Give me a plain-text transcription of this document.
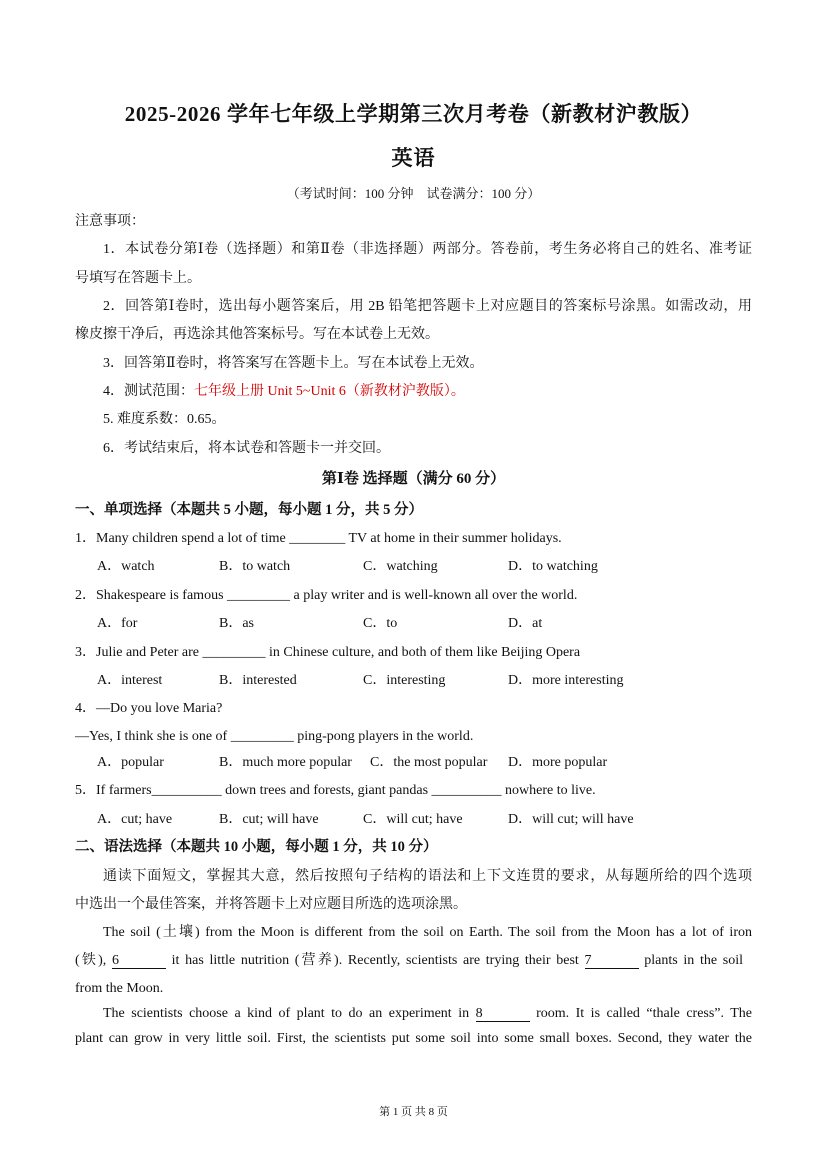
2025-2026 学年七年级上学期第三次月考卷（新教材沪教版）
英语
（考试时间：100 分钟　试卷满分：100 分）
注意事项：
1．本试卷分第Ⅰ卷（选择题）和第Ⅱ卷（非选择题）两部分。答卷前，考生务必将自己的姓名、准考证
号填写在答题卡上。
2．回答第Ⅰ卷时，选出每小题答案后，用 2B 铅笔把答题卡上对应题目的答案标号涂黑。如需改动，用
橡皮擦干净后，再选涂其他答案标号。写在本试卷上无效。
3．回答第Ⅱ卷时，将答案写在答题卡上。写在本试卷上无效。
4．测试范围：七年级上册 Unit 5~Unit 6（新教材沪教版）。
5. 难度系数：0.65。
6．考试结束后，将本试卷和答题卡一并交回。
第Ⅰ卷 选择题（满分 60 分）
一、单项选择（本题共 5 小题，每小题 1 分，共 5 分）
1．Many children spend a lot of time ________ TV at home in their summer holidays.
A．watch	B．to watch	C．watching	D．to watching
2．Shakespeare is famous _________ a play writer and is well-known all over the world.
A．for	B．as	C．to	D．at
3．Julie and Peter are _________ in Chinese culture, and both of them like Beijing Opera
A．interest	B．interested	C．interesting	D．more interesting
4．—Do you love Maria?
—Yes, I think she is one of _________ ping-pong players in the world.
A．popular	B．much more popular C．the most popular D．more popular
5．If farmers__________ down trees and forests, giant pandas __________ nowhere to live.
A．cut; have	B．cut; will have	C．will cut; have	D．will cut; will have
二、语法选择（本题共 10 小题，每小题 1 分，共 10 分）
通读下面短文，掌握其大意，然后按照句子结构的语法和上下文连贯的要求，从每题所给的四个选项
中选出一个最佳答案，并将答题卡上对应题目所选的选项涂黑。
The soil (土壤) from the Moon is different from the soil on Earth. The soil from the Moon has a lot of iron
(铁), 6	it has little nutrition (营养). Recently, scientists are trying their best 7	plants in the soil
from the Moon.
The scientists choose a kind of plant to do an experiment in 8	room. It is called “thale cress”. The
plant can grow in very little soil. First, the scientists put some soil into some small boxes. Second, they water the
第 1 页 共 8 页
